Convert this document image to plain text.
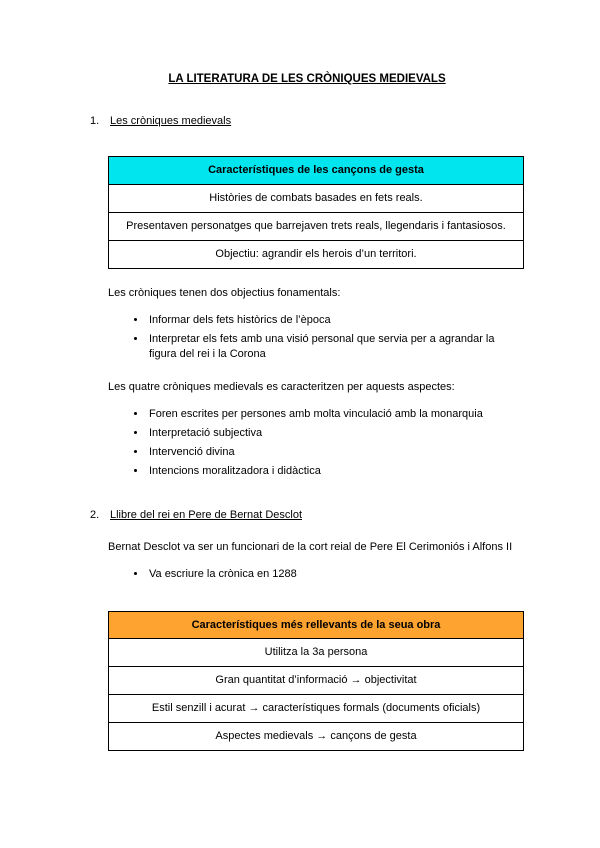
LA LITERATURA DE LES CRÒNIQUES MEDIEVALS
1. Les cròniques medievals
Característiques de les cançons de gesta
Històries de combats basades en fets reals.
Presentaven personatges que barrejaven trets reals, llegendaris i fantasiosos.
Objectiu: agrandir els herois d’un territori.

Les cròniques tenen dos objectius fonamentals:

• Informar dels fets històrics de l’època
• Interpretar els fets amb una visió personal que servia per a agrandar la figura del rei i la Corona

Les quatre cròniques medievals es caracteritzen per aquests aspectes:

• Foren escrites per persones amb molta vinculació amb la monarquia
• Interpretació subjectiva
• Intervenció divina
• Intencions moralitzadora i didàctica
2. Llibre del rei en Pere de Bernat Desclot

Bernat Desclot va ser un funcionari de la cort reial de Pere El Cerimoniós i Alfons II

• Va escriure la crònica en 1288
Característiques més rellevants de la seua obra
Utilitza la 3a persona
Gran quantitat d’informació → objectivitat
Estil senzill i acurat → característiques formals (documents oficials)
Aspectes medievals → cançons de gesta
